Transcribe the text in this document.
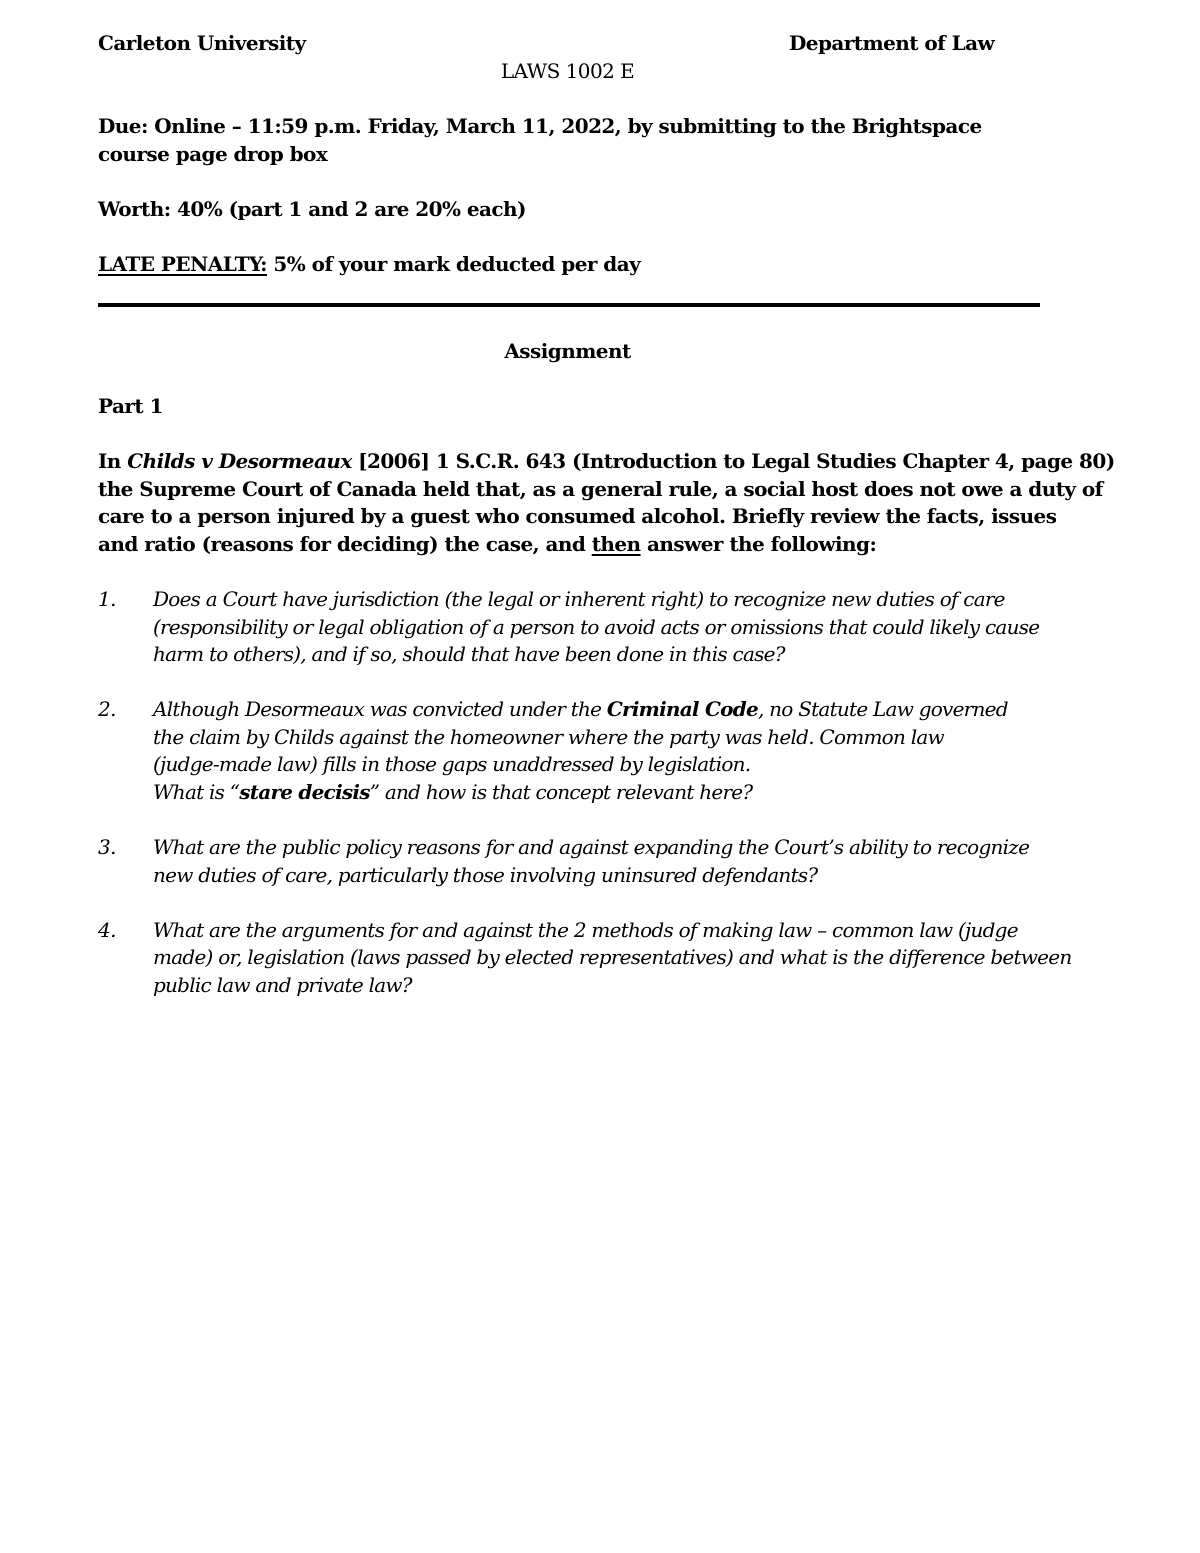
Carleton University	Department of Law
LAWS 1002 E
Due: Online – 11:59 p.m. Friday, March 11, 2022, by submitting to the Brightspace
course page drop box
Worth: 40% (part 1 and 2 are 20% each)
LATE PENALTY: 5% of your mark deducted per day
Assignment
Part 1
In Childs v Desormeaux [2006] 1 S.C.R. 643 (Introduction to Legal Studies Chapter 4, page 80)
the Supreme Court of Canada held that, as a general rule, a social host does not owe a duty of
care to a person injured by a guest who consumed alcohol. Briefly review the facts, issues
and ratio (reasons for deciding) the case, and then answer the following:
1. Does a Court have jurisdiction (the legal or inherent right) to recognize new duties of care
(responsibility or legal obligation of a person to avoid acts or omissions that could likely cause
harm to others), and if so, should that have been done in this case?
2. Although Desormeaux was convicted under the Criminal Code, no Statute Law governed
the claim by Childs against the homeowner where the party was held. Common law
(judge-made law) fills in those gaps unaddressed by legislation.
What is “stare decisis” and how is that concept relevant here?
3. What are the public policy reasons for and against expanding the Court’s ability to recognize
new duties of care, particularly those involving uninsured defendants?
4. What are the arguments for and against the 2 methods of making law – common law (judge
made) or, legislation (laws passed by elected representatives) and what is the difference between
public law and private law?
